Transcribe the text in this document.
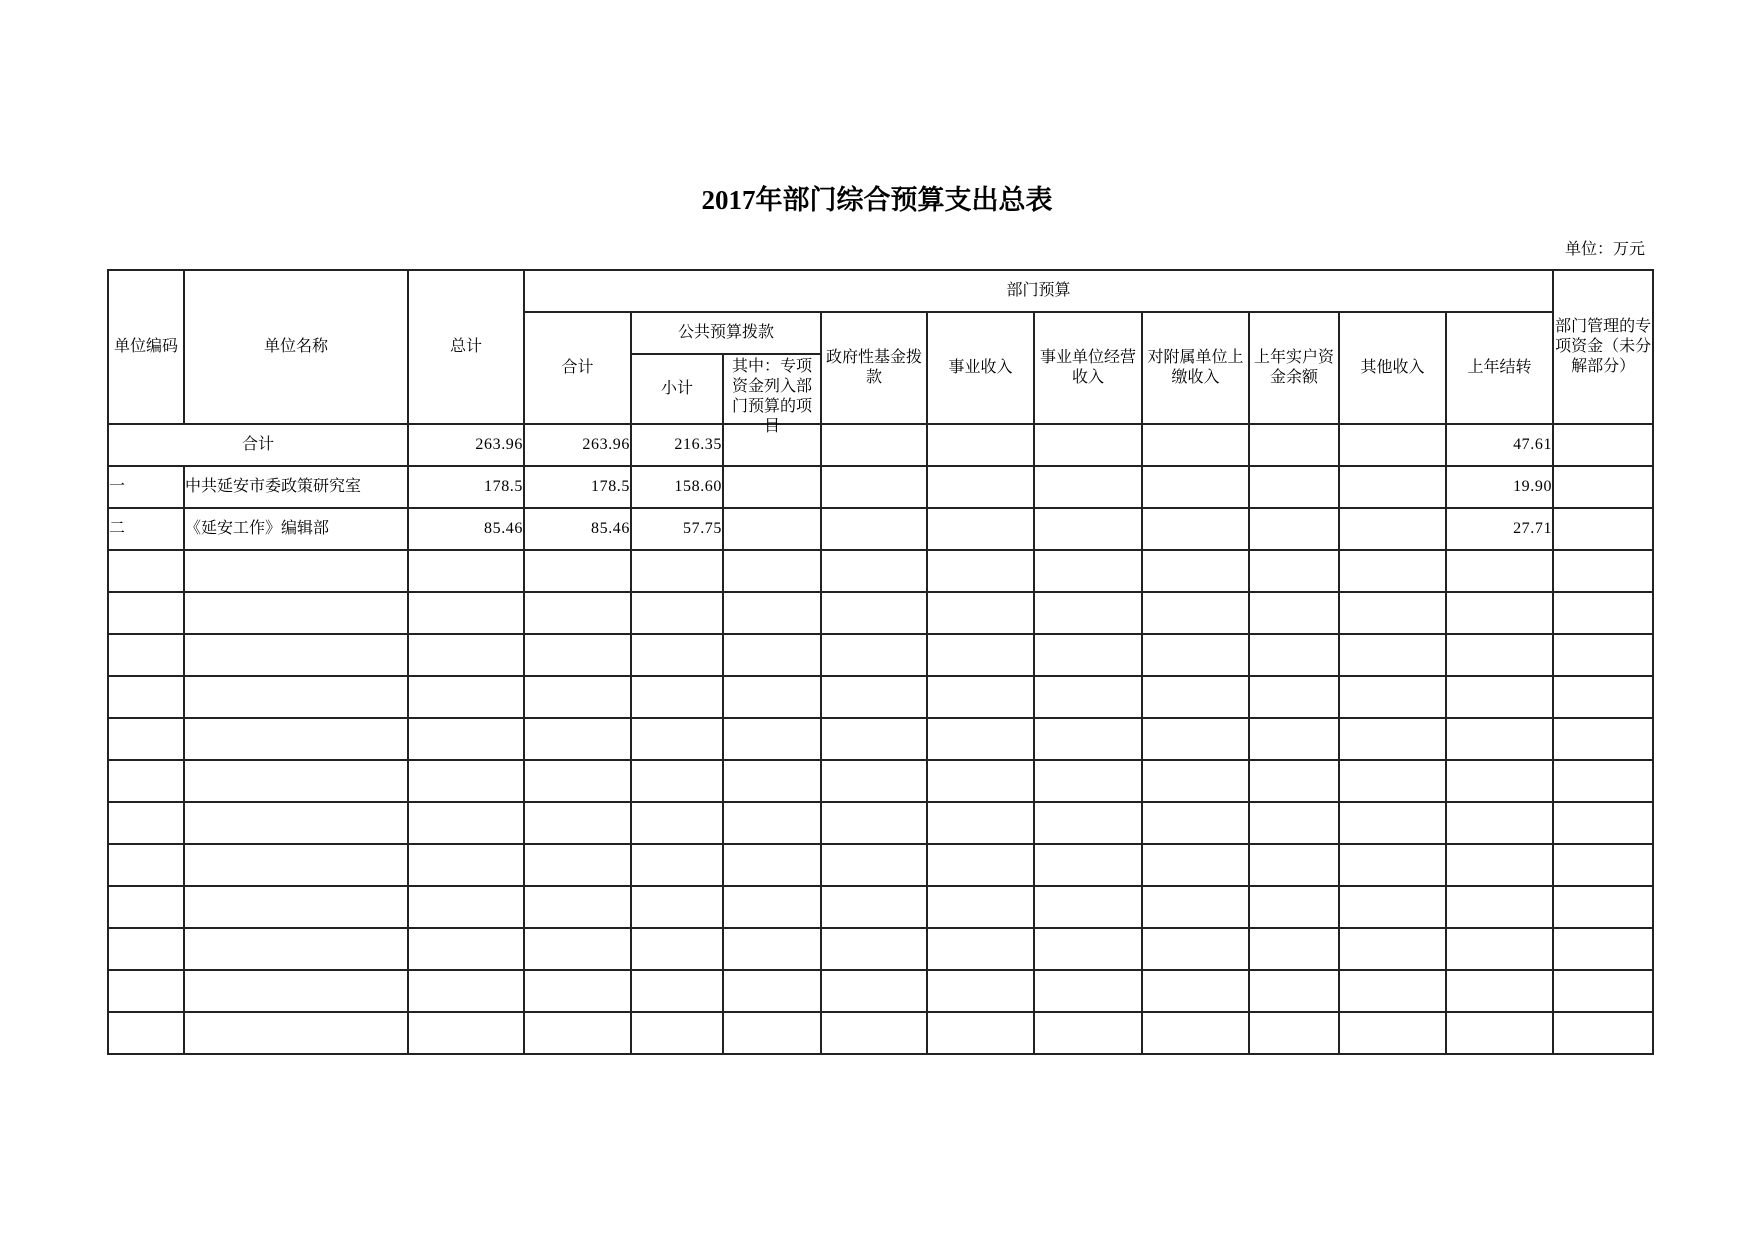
2017年部门综合预算支出总表
单位：万元
单位编码	单位名称	总计	部门预算										部门管理的专项资金（未分解部分）
			合计	公共预算拨款		政府性基金拨款	事业收入	事业单位经营收入	对附属单位上缴收入	上年实户资金余额	其他收入	上年结转	
				小计	其中：专项资金列入部门预算的项目								

合计		263.96	263.96	216.35								47.61	
一	中共延安市委政策研究室	178.5	178.5	158.60								19.90	
二	《延安工作》编辑部	85.46	85.46	57.75								27.71	
